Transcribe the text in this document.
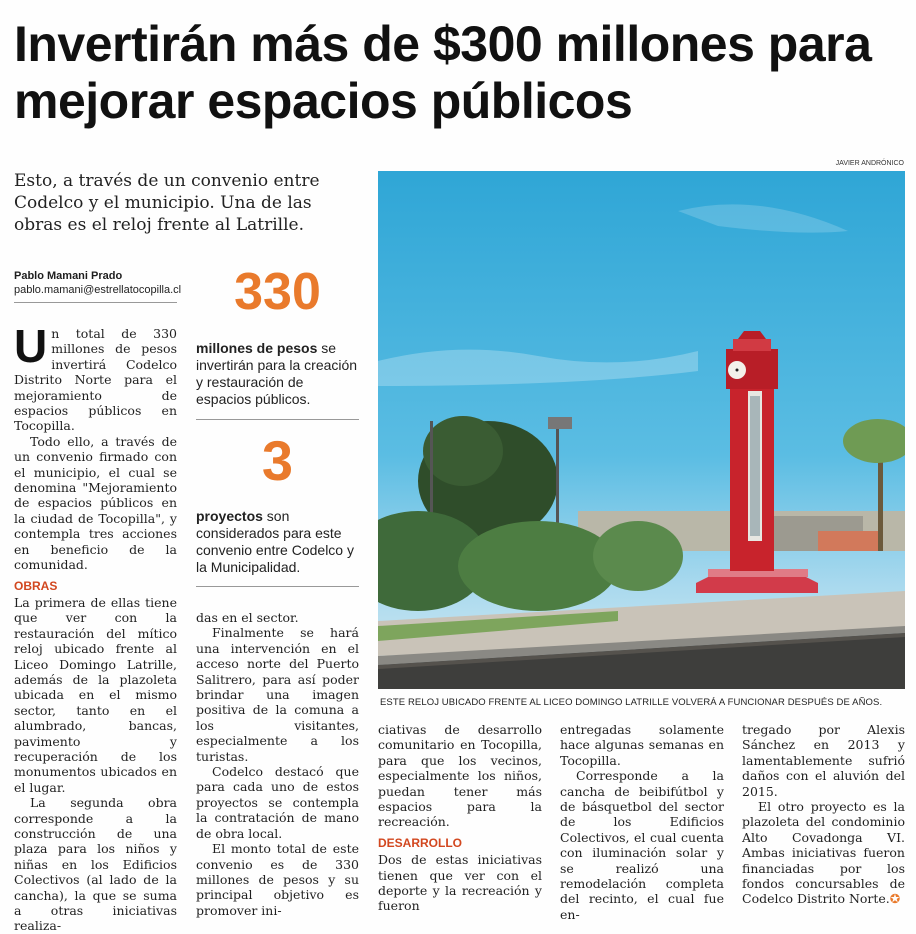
Invertirán más de $300 millones para mejorar espacios públicos
Esto, a través de un convenio entre Codelco y el municipio. Una de las obras es el reloj frente al Latrille.
Pablo Mamani Prado
pablo.mamani@estrellatocopilla.cl	330
millones de pesos se invertirán para la creación y restauración de espacios públicos.
3
proyectos son considerados para este convenio entre Codelco y la Municipalidad.

Un total de 330 millones de pesos invertirá Codelco Distrito Norte para el mejoramiento de espacios públicos en Tocopilla.

Todo ello, a través de un convenio firmado con el municipio, el cual se denomina "Mejoramiento de espacios públicos en la ciudad de Tocopilla", y contempla tres acciones en beneficio de la comunidad.

OBRAS

La primera de ellas tiene que ver con la restauración del mítico reloj ubicado frente al Liceo Domingo Latrille, además de la plazoleta ubicada en el mismo sector, tanto en el alumbrado, bancas, pavimento y recuperación de los monumentos ubicados en el lugar.

La segunda obra corresponde a la construcción de una plaza para los niños y niñas en los Edificios Colectivos (al lado de la cancha), la que se suma a otras iniciativas realiza-

das en el sector.

Finalmente se hará una intervención en el acceso norte del Puerto Salitrero, para así poder brindar una imagen positiva de la comuna a los visitantes, especialmente a los turistas.

Codelco destacó que para cada uno de estos proyectos se contempla la contratación de mano de obra local.

El monto total de este convenio es de 330 millones de pesos y su principal objetivo es promover ini-

ciativas de desarrollo comunitario en Tocopilla, para que los vecinos, especialmente los niños, puedan tener más espacios para la recreación.

DESARROLLO

Dos de estas iniciativas tienen que ver con el deporte y la recreación y fueron

entregadas solamente hace algunas semanas en Tocopilla.

Corresponde a la cancha de beibifútbol y de básquetbol del sector de los Edificios Colectivos, el cual cuenta con iluminación solar y se realizó una remodelación completa del recinto, el cual fue en-

tregado por Alexis Sánchez en 2013 y lamentablemente sufrió daños con el aluvión del 2015.

El otro proyecto es la plazoleta del condominio Alto Covadonga VI. Ambas iniciativas fueron financiadas por los fondos concursables de Codelco Distrito Norte.✪

JAVIER ANDRÓNICO
ESTE RELOJ UBICADO FRENTE AL LICEO DOMINGO LATRILLE VOLVERÁ A FUNCIONAR DESPUÉS DE AÑOS.
